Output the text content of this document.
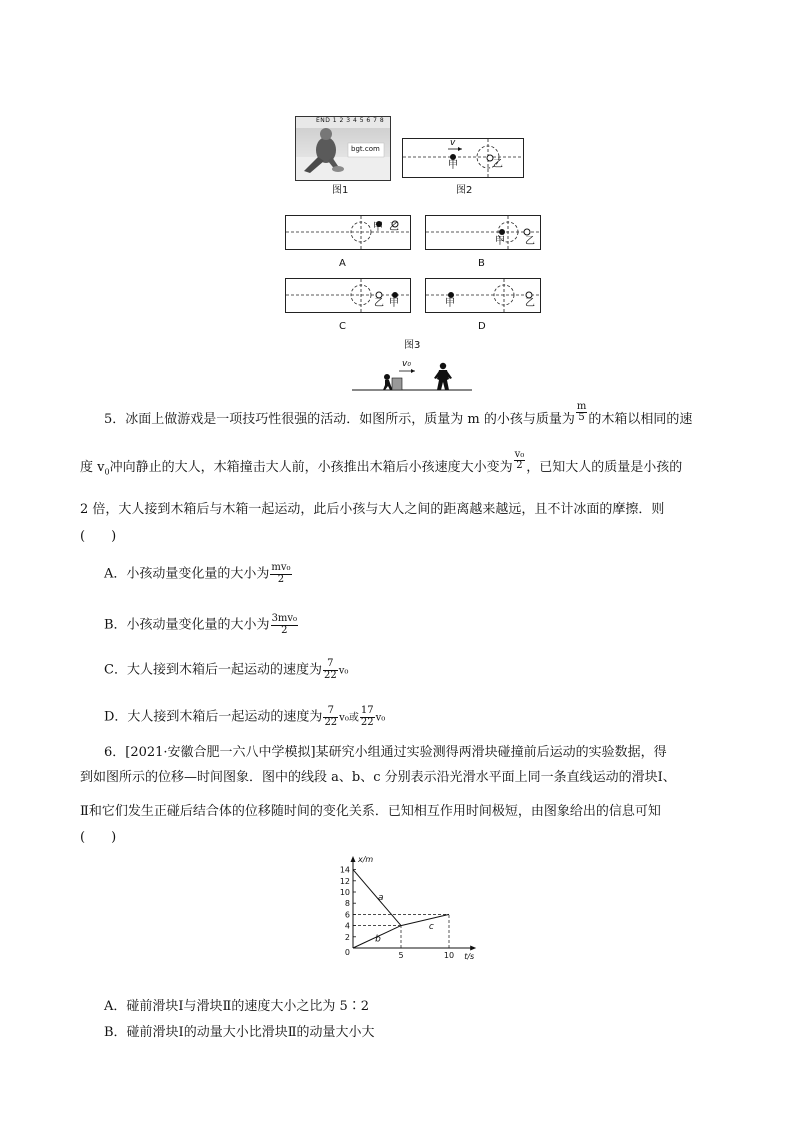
END 1 2 3 4 5 6 7 8
bgt.com
图1
v
甲	乙
图2
甲 乙
A
甲 乙
B
乙 甲
C
甲	乙
D
图3
v₀
5．冰面上做游戏是一项技巧性很强的活动．如图所示，质量为 m 的小孩与质量为 $\frac{m}{5}$ 的木箱以相同的速
度 $v_0$冲向静止的大人，木箱撞击大人前，小孩推出木箱后小孩速度大小变为 $\frac{\text{v₀}}{2}$ ，已知大人的质量是小孩的
2 倍，大人接到木箱后与木箱一起运动，此后小孩与大人之间的距离越来越远，且不计冰面的摩擦．则
(　　)
A．小孩动量变化量的大小为 $\frac{\text{mv₀}}{2}$
B．小孩动量变化量的大小为 $\frac{\text{3mv₀}}{2}$
C．大人接到木箱后一起运动的速度为 $\frac{7}{22} v_0$
D．大人接到木箱后一起运动的速度为 $\frac{7}{22} v_0$或 $\frac{17}{22} v_0$
6．[2021·安徽合肥一六八中学模拟]某研究小组通过实验测得两滑块碰撞前后运动的实验数据，得
到如图所示的位移—时间图象．图中的线段 a、b、c 分别表示沿光滑水平面上同一条直线运动的滑块Ⅰ、
Ⅱ和它们发生正碰后结合体的位移随时间的变化关系．已知相互作用时间极短，由图象给出的信息可知
(　　)
2
4
6
8
10
12
14
5	10
0
a
b
c
x/m
t/s
A．碰前滑块Ⅰ与滑块Ⅱ的速度大小之比为 5∶2
B．碰前滑块Ⅰ的动量大小比滑块Ⅱ的动量大小大
